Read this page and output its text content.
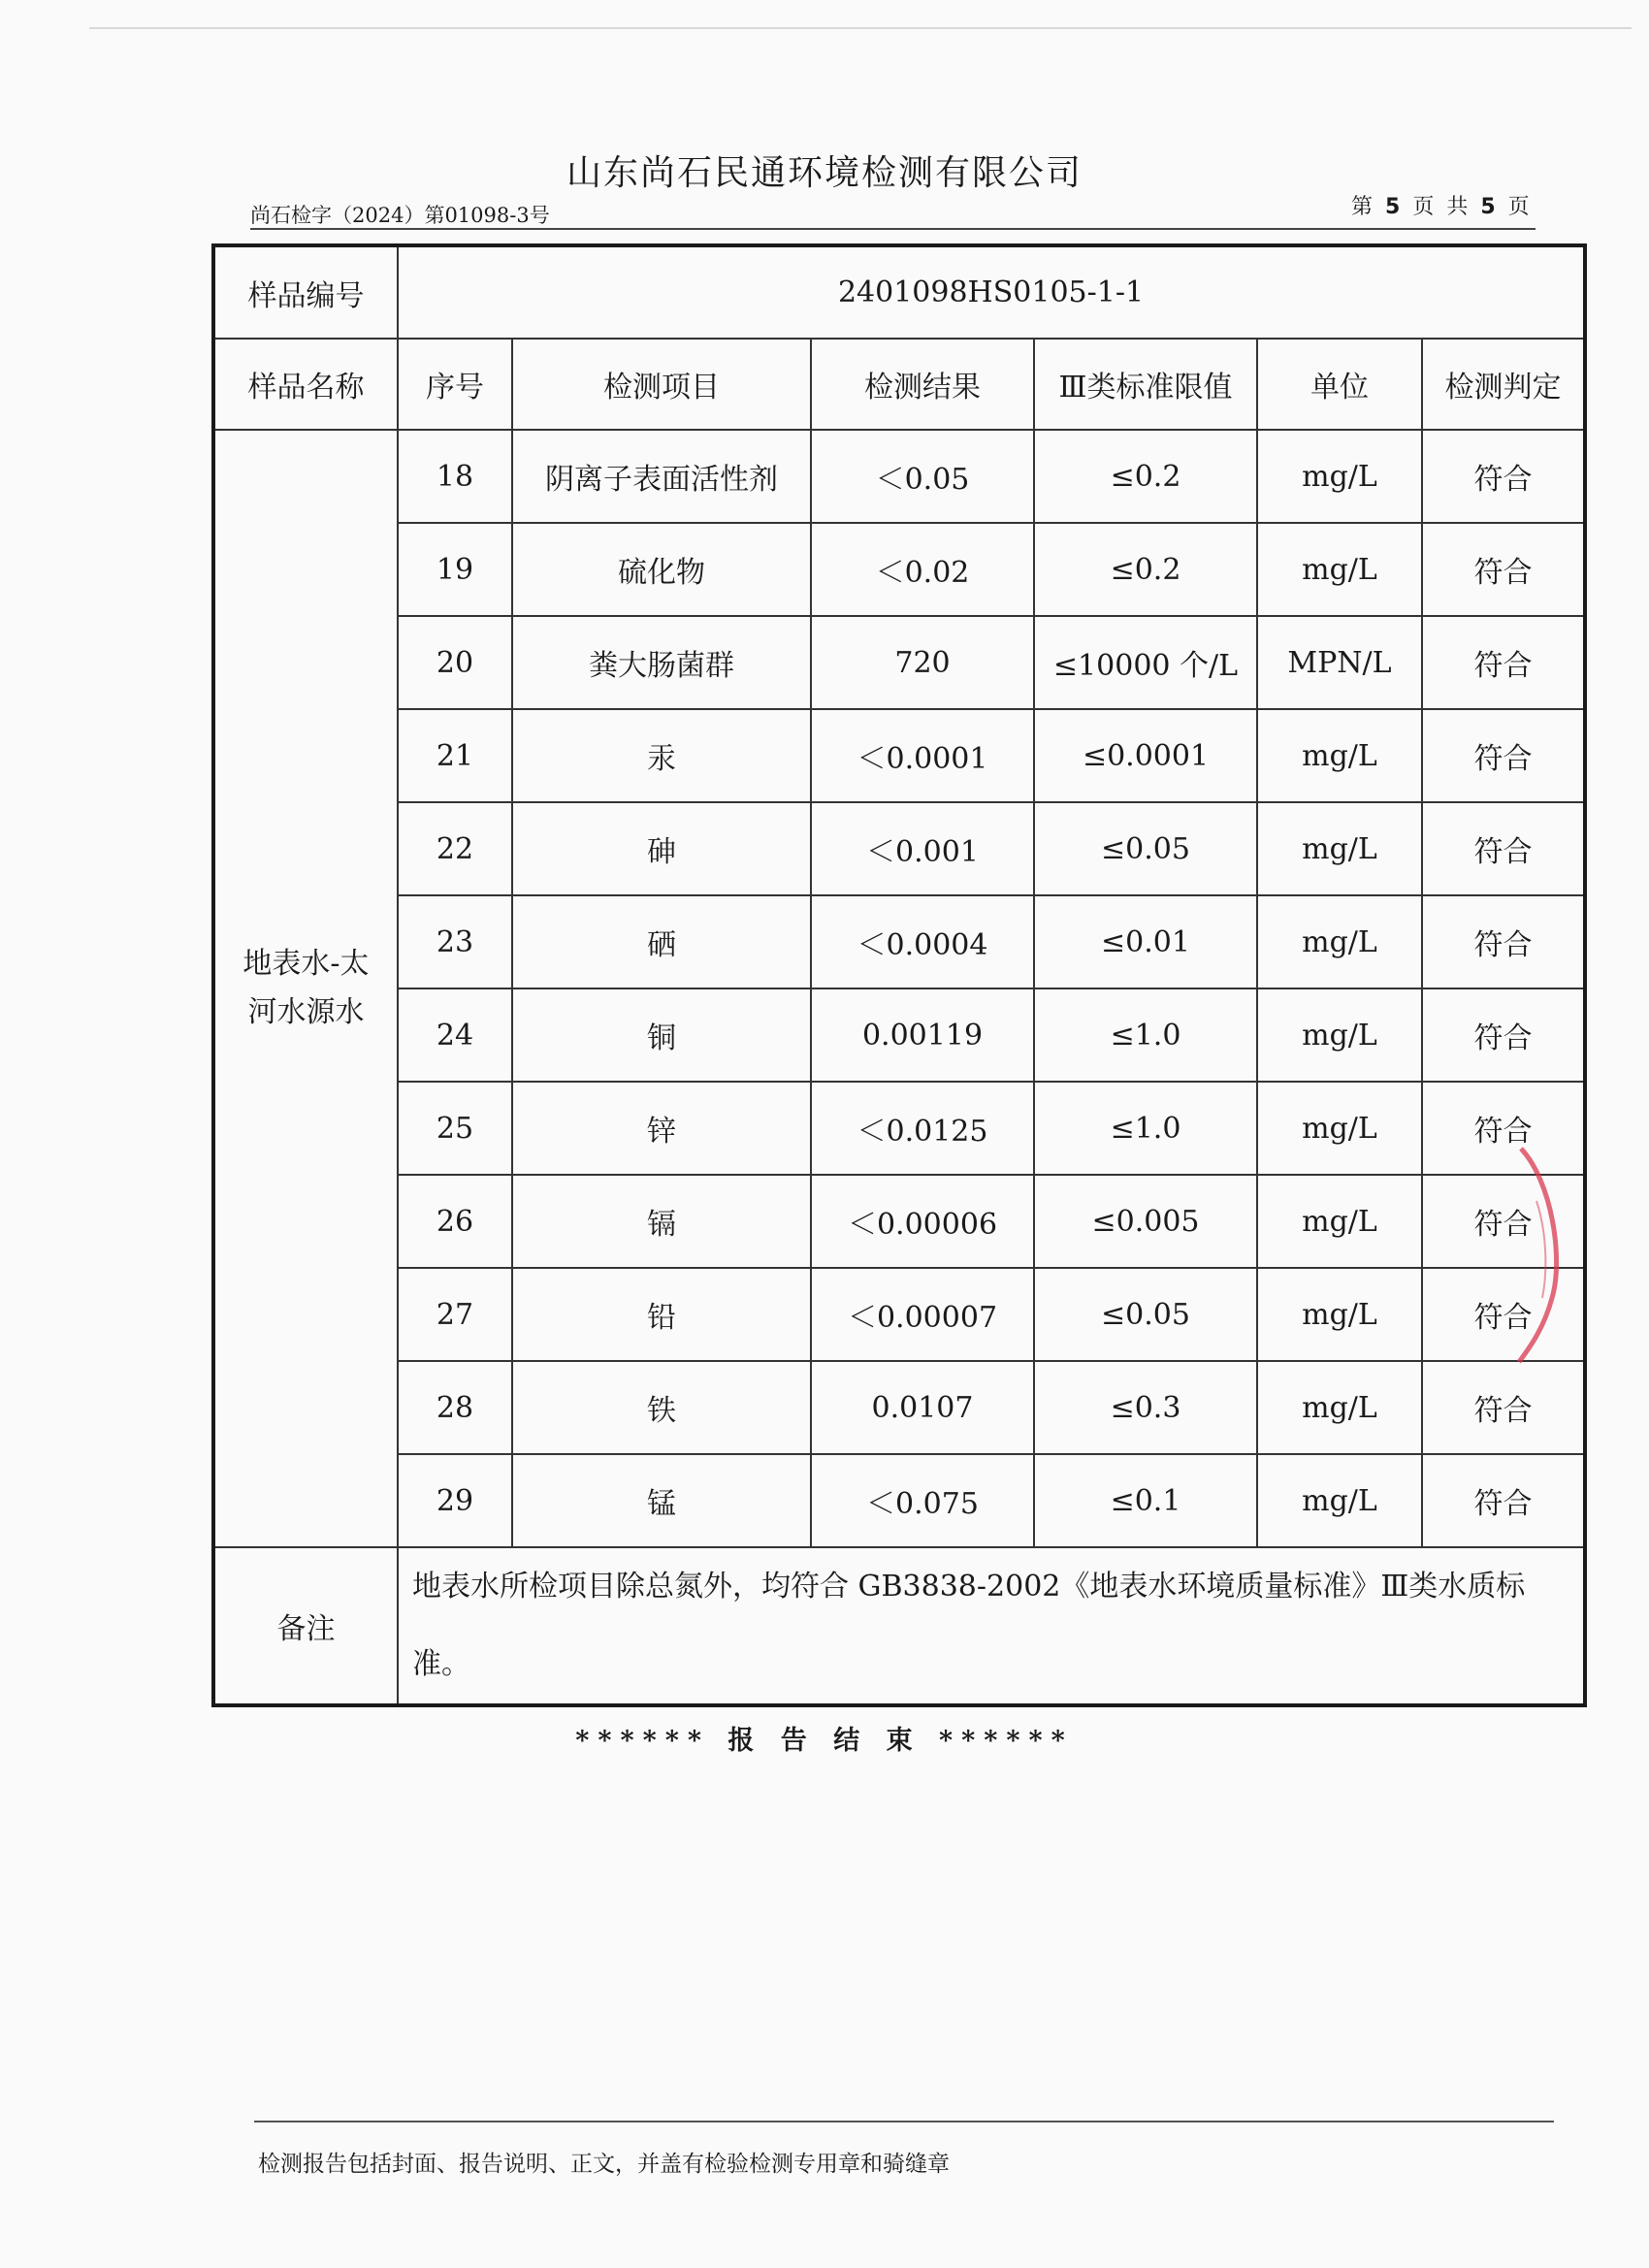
山东尚石民通环境检测有限公司
尚石检字（2024）第01098-3号	第 5 页 共 5 页
样品编号	2401098HS0105-1-1					
样品名称	序号	检测项目	检测结果	Ⅲ类标准限值	单位	检测判定

地表水-太
河水源水	18	阴离子表面活性剂	＜0.05	≤0.2	mg/L	符合
	19	硫化物	＜0.02	≤0.2	mg/L	符合
	20	粪大肠菌群	720	≤10000 个/L	MPN/L	符合
	21	汞	＜0.0001	≤0.0001	mg/L	符合
	22	砷	＜0.001	≤0.05	mg/L	符合
	23	硒	＜0.0004	≤0.01	mg/L	符合
	24	铜	0.00119	≤1.0	mg/L	符合
	25	锌	＜0.0125	≤1.0	mg/L	符合
	26	镉	＜0.00006	≤0.005	mg/L	符合
	27	铅	＜0.00007	≤0.05	mg/L	符合
	28	铁	0.0107	≤0.3	mg/L	符合
	29	锰	＜0.075	≤0.1	mg/L	符合
备注	地表水所检项目除总氮外，均符合 GB3838-2002《地表水环境质量标准》Ⅲ类水质标准。					
****** 报 告 结 束 ******
检测报告包括封面、报告说明、正文，并盖有检验检测专用章和骑缝章
